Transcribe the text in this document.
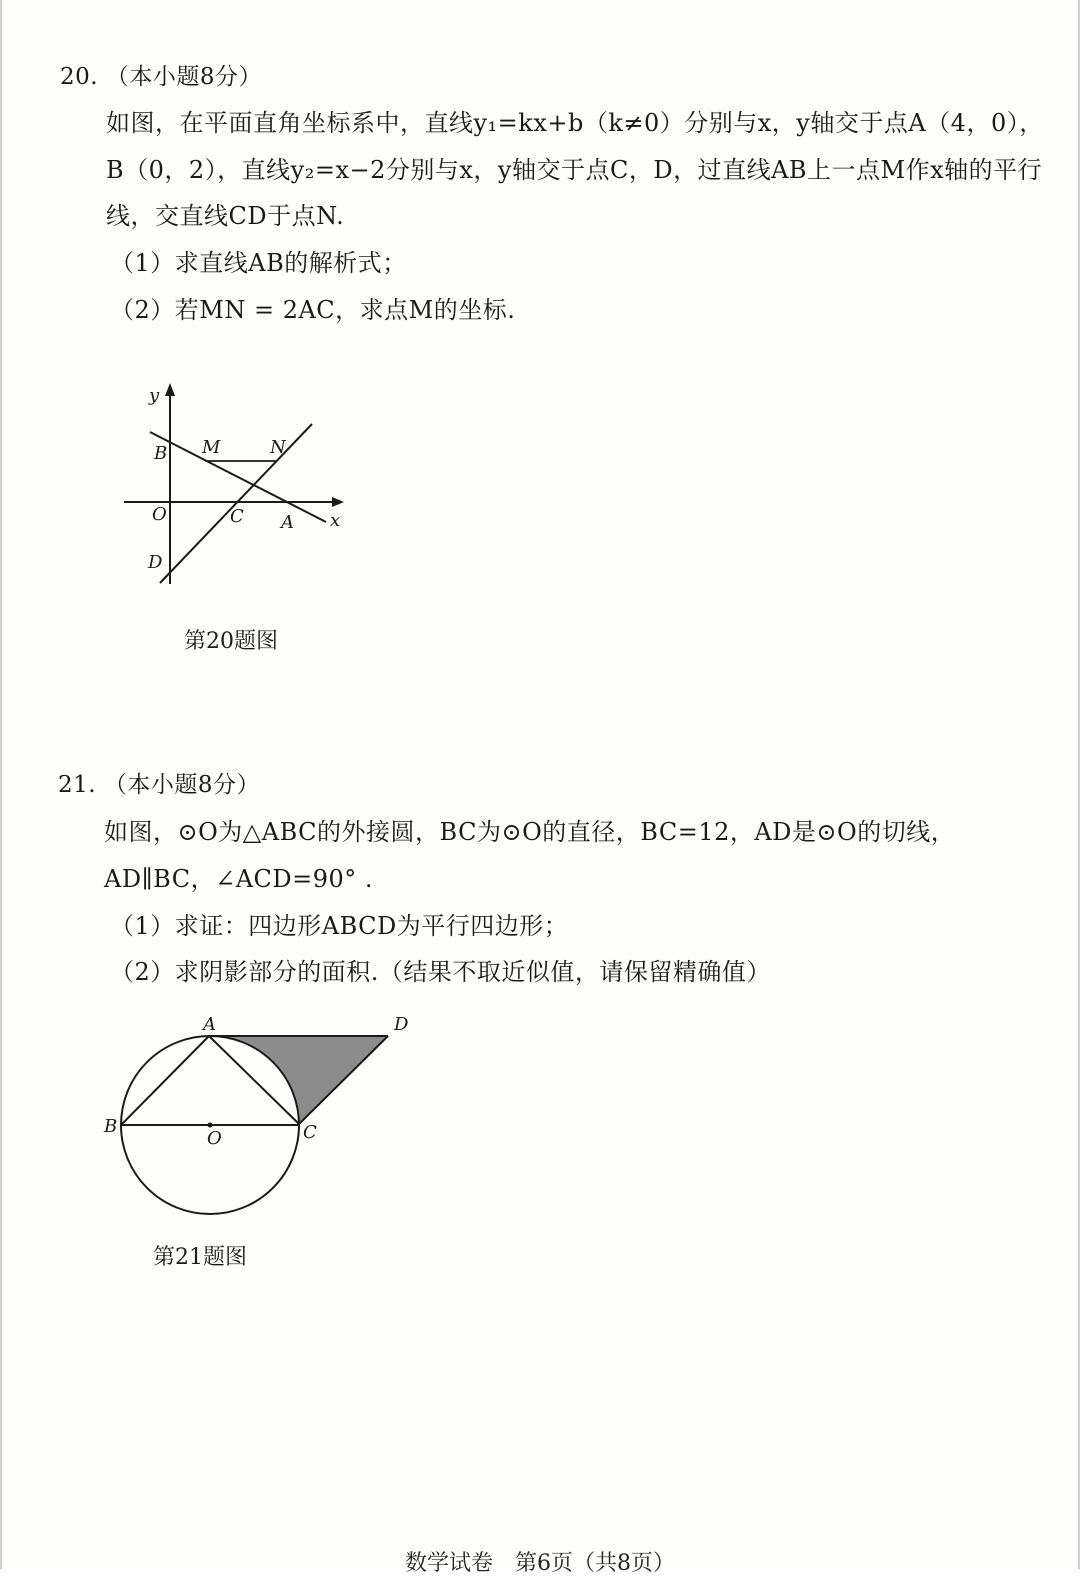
20. （本小题8分）
如图，在平面直角坐标系中，直线y₁=kx+b（k≠0）分别与x，y轴交于点A（4，0），
B（0，2），直线y₂=x−2分别与x，y轴交于点C，D，过直线AB上一点M作x轴的平行
线，交直线CD于点N.
（1）求直线AB的解析式；
（2）若MN = 2AC，求点M的坐标.
y
x
O	A
B
C
D
M	N
第20题图
21. （本小题8分）
如图，⊙O为△ABC的外接圆，BC为⊙O的直径，BC=12，AD是⊙O的切线，
AD∥BC，∠ACD=90° .
（1）求证：四边形ABCD为平行四边形；
（2）求阴影部分的面积.（结果不取近似值，请保留精确值）
A	D
B	C
O
第21题图
数学试卷　第6页（共8页）
